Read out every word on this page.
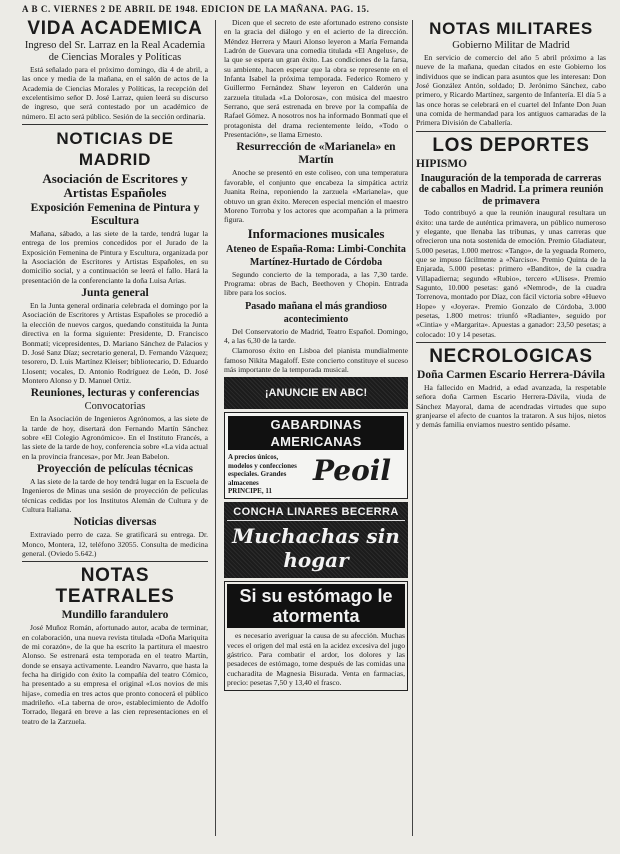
A B C. VIERNES 2 DE ABRIL DE 1948. EDICION DE LA MAÑANA. PAG. 15.
VIDA ACADEMICA
Ingreso del Sr. Larraz en la Real Academia de Ciencias Morales y Políticas

Está señalado para el próximo domingo, día 4 de abril, a las once y media de la mañana, en el salón de actos de la Academia de Ciencias Morales y Políticas, la recepción del excelentísimo señor D. José Larraz, quien leerá su discurso de ingreso, que será contestado por un académico de número. El acto será público. Sesión de la sección ordinaria.

NOTICIAS DE MADRID
Asociación de Escritores y Artistas Españoles
Exposición Femenina de Pintura y Escultura

Mañana, sábado, a las siete de la tarde, tendrá lugar la entrega de los premios concedidos por el Jurado de la Exposición Femenina de Pintura y Escultura, organizada por la Asociación de Escritores y Artistas Españoles, en su domicilio social, y a continuación se leerá el fallo. Hará la presentación de la conferenciante la doña Luisa Arias.

Junta general

En la Junta general ordinaria celebrada el domingo por la Asociación de Escritores y Artistas Españoles se procedió a la elección de nuevos cargos, quedando constituida la Junta directiva en la forma siguiente: Presidente, D. Francisco Bonmatí; vicepresidentes, D. Mariano Sánchez de Palacios y D. José Sanz Díaz; secretario general, D. Fernando Vázquez; tesorero, D. Luis Martínez Kleiser; bibliotecario, D. Eduardo Llosent; vocales, D. Antonio Rodríguez de León, D. José Montero Alonso y D. Manuel Ortiz.

Reuniones, lecturas y conferencias
Convocatorias

En la Asociación de Ingenieros Agrónomos, a las siete de la tarde de hoy, disertará don Fernando Martín Sánchez sobre «El Colegio Agronómico». En el Instituto Francés, a las siete de la tarde de hoy, conferencia sobre «La vida actual en la provincia francesa», por Mr. Jean Babelon.

Proyección de películas técnicas

A las siete de la tarde de hoy tendrá lugar en la Escuela de Ingenieros de Minas una sesión de proyección de películas técnicas cedidas por los Institutos Alemán de Cultura y de Cultura Italiana.

Noticias diversas

Extraviado perro de caza. Se gratificará su entrega. Dr. Monco, Montera, 12, teléfono 32055. Consulta de medicina general. (Oviedo 5.642.)

NOTAS TEATRALES
Mundillo farandulero

José Muñoz Román, afortunado autor, acaba de terminar, en colaboración, una nueva revista titulada «Doña Mariquita de mi corazón», de la que ha escrito la partitura el maestro Alonso. Se estrenará esta temporada en el teatro Martín, donde se ensaya activamente. Leandro Navarro, que hasta la fecha ha dirigido con éxito la compañía del teatro Cómico, ha presentado a su empresa el original «Los novios de mis hijas», comedia en tres actos que pronto conocerá el público madrileño. «La taberna de oro», establecimiento de Adolfo Torrado, llegará en breve a las cien representaciones en el teatro de la Zarzuela.

Dicen que el secreto de este afortunado estreno consiste en la gracia del diálogo y en el acierto de la dirección. Méndez Herrera y Mauri Alonso leyeron a María Fernanda Ladrón de Guevara una comedia titulada «El Angelus», de la que se espera un gran éxito. Las condiciones de la farsa, su ambiente, hacen esperar que la obra se represente en el Infanta Isabel la próxima temporada. Federico Romero y Guillermo Fernández Shaw leyeron en Calderón una zarzuela titulada «La Dolorosa», con música del maestro Serrano, que será estrenada en breve por la compañía de Rafael Gómez. A nosotros nos ha informado Bonmatí que el protagonista del drama recientemente leído, «Todo o Presentación», se llama Ernesto.

Resurrección de «Marianela» en Martín

Anoche se presentó en este coliseo, con una temperatura favorable, el conjunto que encabeza la simpática actriz Juanita Reina, reponiendo la zarzuela «Marianela», que obtuvo un gran éxito. Merecen especial mención el maestro Moreno Torroba y los actores que acompañan a la primera figura.

Informaciones musicales
Ateneo de España-Roma: Limbi-Conchita Martínez-Hurtado de Córdoba

Segundo concierto de la temporada, a las 7,30 tarde. Programa: obras de Bach, Beethoven y Chopin. Entrada libre para los socios.

Pasado mañana el más grandioso acontecimiento

Del Conservatorio de Madrid, Teatro Español. Domingo, 4, a las 6,30 de la tarde.

Clamoroso éxito en Lisboa del pianista mundialmente famoso Nikita Magaloff. Este concierto constituye el suceso más importante de la temporada musical.

¡ANUNCIE EN ABC!
GABARDINAS AMERICANAS
A precios únicos, modelos y confecciones especiales. Grandes almacenes	Peoil
PRINCIPE, 11
CONCHA LINARES BECERRA
Muchachas sin hogar
Si su estómago le atormenta

es necesario averiguar la causa de su afección. Muchas veces el origen del mal está en la acidez excesiva del jugo gástrico. Para combatir el ardor, los dolores y las pesadeces de estómago, tome después de las comidas una cucharadita de Magnesia Bisurada. Venta en farmacias, precio: pesetas 7,50 y 13,40 el frasco.

NOTAS MILITARES
Gobierno Militar de Madrid

En servicio de comercio del año 5 abril próximo a las nueve de la mañana, quedan citados en este Gobierno los individuos que se indican para asuntos que les interesan: Don José González Antón, soldado; D. Jerónimo Sánchez, cabo primero, y Ricardo Martínez, sargento de Infantería. El día 5 a las once horas se celebrará en el cuartel del Infante Don Juan una comida de hermandad para los antiguos camaradas de la Primera División de Caballería.

LOS DEPORTES
HIPISMO
Inauguración de la temporada de carreras de caballos en Madrid. La primera reunión de primavera

Todo contribuyó a que la reunión inaugural resultara un éxito: una tarde de auténtica primavera, un público numeroso y elegante, que llenaba las tribunas, y unas carreras que ofrecieron una nota sostenida de emoción. Premio Gladiateur, 5.000 pesetas, 1.000 metros: «Tango», de la yeguada Romero, que se impuso fácilmente a «Narciso». Premio Quinta de la Enjarada, 5.000 pesetas: primero «Bandito», de la cuadra Villapadierna; segundo «Rubio», tercero «Ulises». Premio Sagunto, 10.000 pesetas: ganó «Nemrod», de la cuadra Torrenova, montado por Díaz, con fácil victoria sobre «Huevo Hope» y «Joyera». Premio Gonzalo de Córdoba, 3.000 pesetas, 1.800 metros: triunfó «Radiante», seguido por «Cintia» y «Margarita». Apuestas a ganador: 23,50 pesetas; a colocado: 10 y 14 pesetas.

NECROLOGICAS
Doña Carmen Escario Herrera-Dávila

Ha fallecido en Madrid, a edad avanzada, la respetable señora doña Carmen Escario Herrera-Dávila, viuda de Sánchez Mayoral, dama de acendradas virtudes que supo granjearse el afecto de cuantos la trataron. A sus hijos, nietos y demás familia enviamos nuestro sentido pésame.
